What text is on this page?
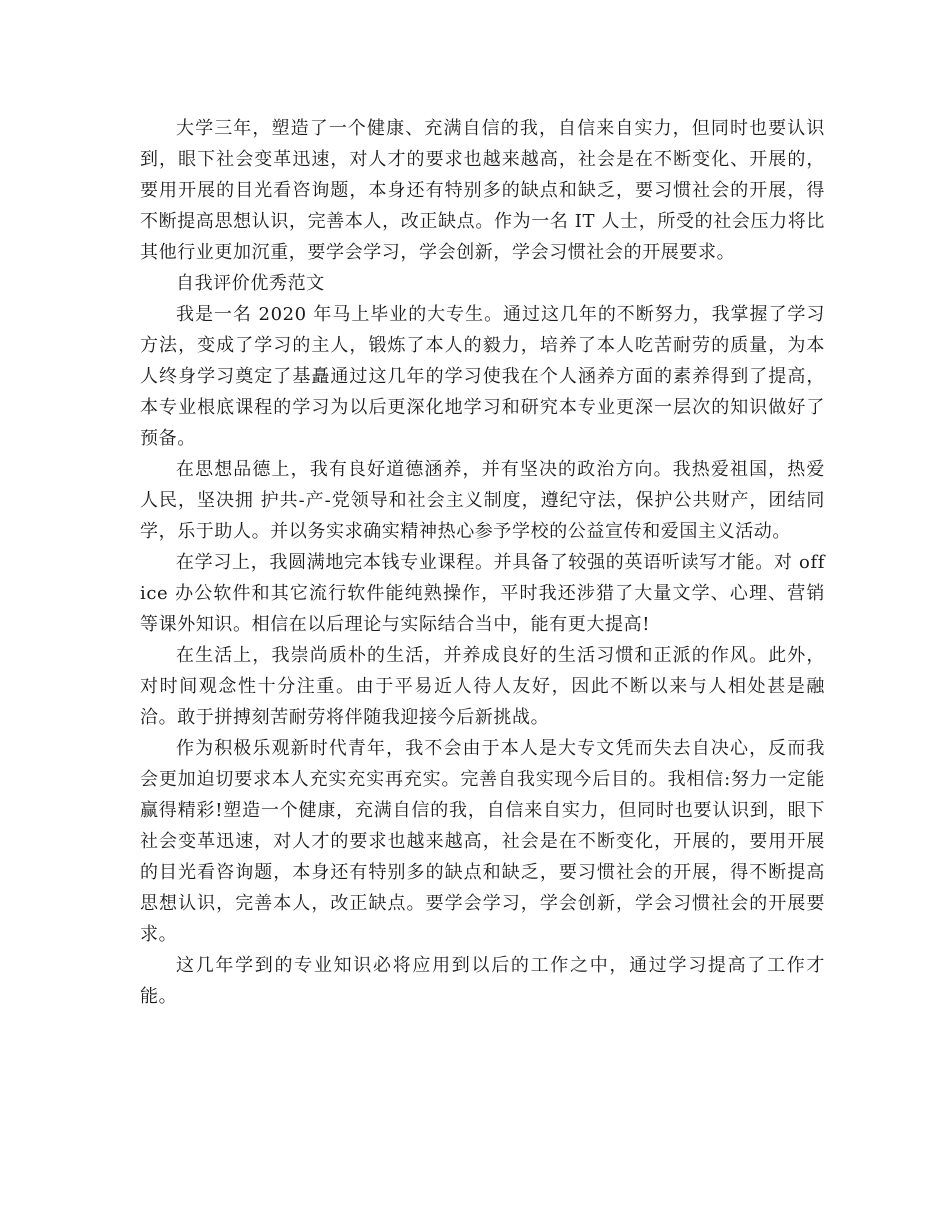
大学三年，塑造了一个健康、充满自信的我，自信来自实力，但同时也要认识到，眼下社会变革迅速，对人才的要求也越来越高，社会是在不断变化、开展的，要用开展的目光看咨询题，本身还有特别多的缺点和缺乏，要习惯社会的开展，得不断提高思想认识，完善本人，改正缺点。作为一名 IT 人士，所受的社会压力将比其他行业更加沉重，要学会学习，学会创新，学会习惯社会的开展要求。

自我评价优秀范文

我是一名 2020 年马上毕业的大专生。通过这几年的不断努力，我掌握了学习方法，变成了学习的主人，锻炼了本人的毅力，培养了本人吃苦耐劳的质量，为本人终身学习奠定了基矗通过这几年的学习使我在个人涵养方面的素养得到了提高，本专业根底课程的学习为以后更深化地学习和研究本专业更深一层次的知识做好了预备。

在思想品德上，我有良好道德涵养，并有坚决的政治方向。我热爱祖国，热爱人民，坚决拥 护共-产-党领导和社会主义制度，遵纪守法，保护公共财产，团结同学，乐于助人。并以务实求确实精神热心参予学校的公益宣传和爱国主义活动。

在学习上，我圆满地完本钱专业课程。并具备了较强的英语听读写才能。对 office 办公软件和其它流行软件能纯熟操作，平时我还涉猎了大量文学、心理、营销等课外知识。相信在以后理论与实际结合当中，能有更大提高!

在生活上，我崇尚质朴的生活，并养成良好的生活习惯和正派的作风。此外，对时间观念性十分注重。由于平易近人待人友好，因此不断以来与人相处甚是融洽。敢于拼搏刻苦耐劳将伴随我迎接今后新挑战。

作为积极乐观新时代青年，我不会由于本人是大专文凭而失去自决心，反而我会更加迫切要求本人充实充实再充实。完善自我实现今后目的。我相信:努力一定能赢得精彩!塑造一个健康，充满自信的我，自信来自实力，但同时也要认识到，眼下社会变革迅速，对人才的要求也越来越高，社会是在不断变化，开展的，要用开展的目光看咨询题，本身还有特别多的缺点和缺乏，要习惯社会的开展，得不断提高思想认识，完善本人，改正缺点。要学会学习，学会创新，学会习惯社会的开展要求。

这几年学到的专业知识必将应用到以后的工作之中，通过学习提高了工作才能。
